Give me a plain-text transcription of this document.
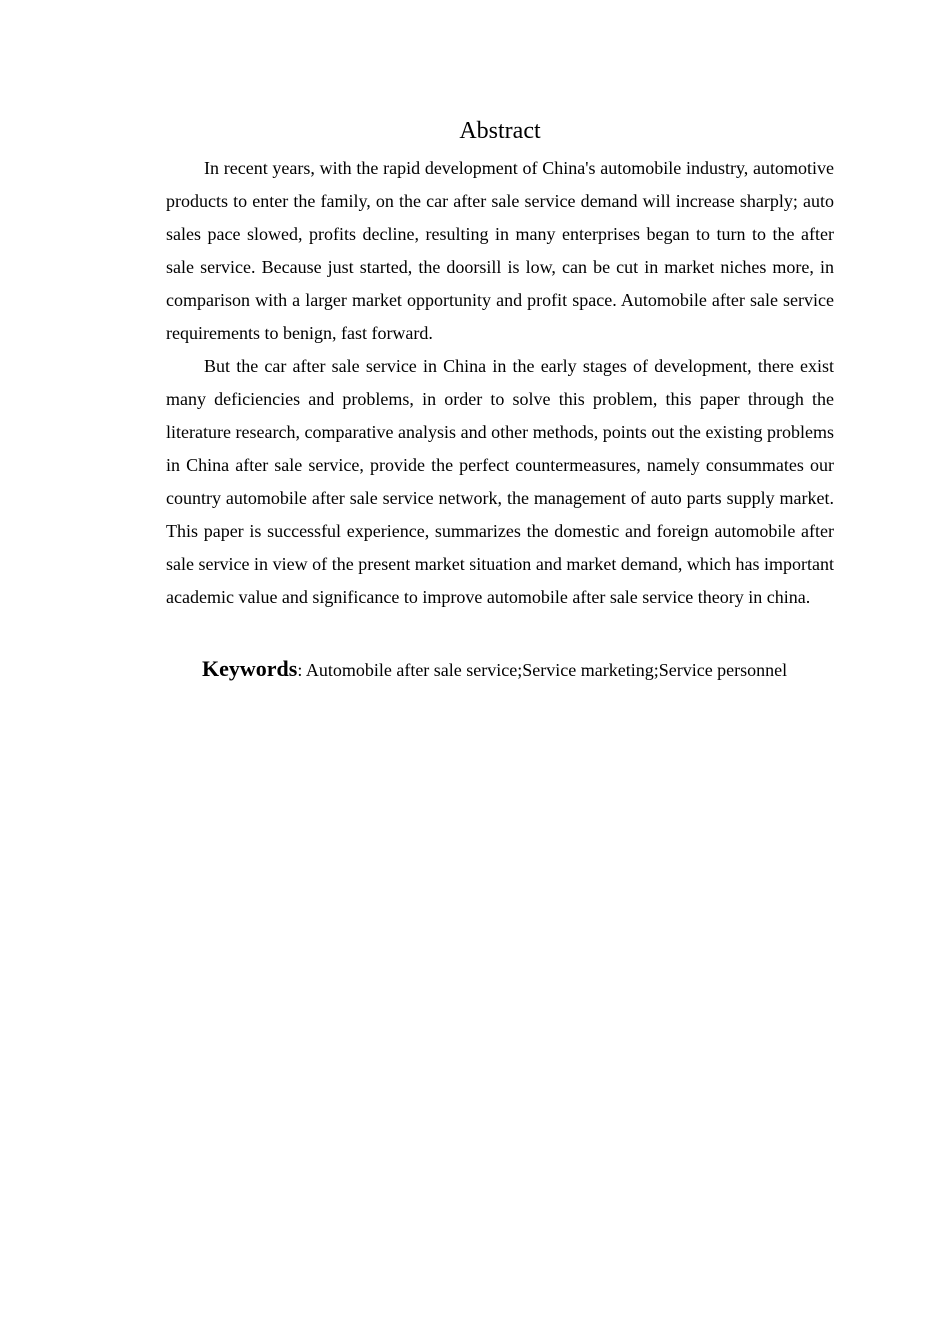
Abstract

In recent years, with the rapid development of China's automobile industry, automotive products to enter the family, on the car after sale service demand will increase sharply; auto sales pace slowed, profits decline, resulting in many enterprises began to turn to the after sale service. Because just started, the doorsill is low, can be cut in market niches more, in comparison with a larger market opportunity and profit space. Automobile after sale service requirements to benign, fast forward.

But the car after sale service in China in the early stages of development, there exist many deficiencies and problems, in order to solve this problem, this paper through the literature research, comparative analysis and other methods, points out the existing problems in China after sale service, provide the perfect countermeasures, namely consummates our country automobile after sale service network, the management of auto parts supply market. This paper is successful experience, summarizes the domestic and foreign automobile after sale service in view of the present market situation and market demand, which has important academic value and significance to improve automobile after sale service theory in china.

Keywords: Automobile after sale service;Service marketing;Service personnel
